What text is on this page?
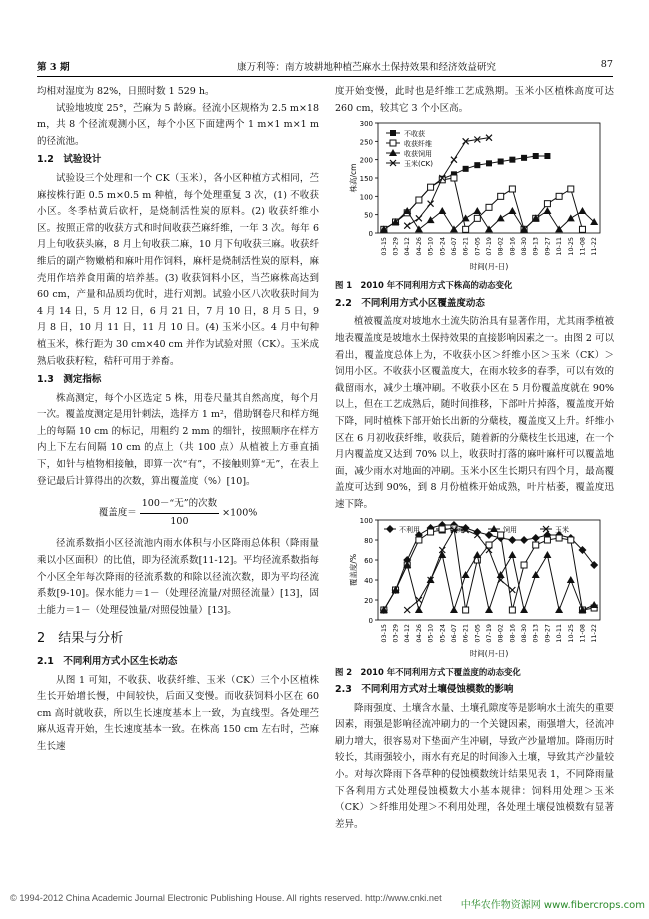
第 3 期	康万利等：南方坡耕地种植苎麻水土保持效果和经济效益研究	87

均相对湿度为 82%，日照时数 1 529 h。

试验地坡度 25°，苎麻为 5 龄麻。径流小区规格为 2.5 m×18 m，共 8 个径流观测小区，每个小区下面建两个 1 m×1 m×1 m 的径流池。

1.2　试验设计

试验设三个处理和一个 CK（玉米），各小区种植方式相同，苎麻按株行距 0.5 m×0.5 m 种植，每个处理重复 3 次，(1) 不收获小区。冬季枯黄后砍杆，是烧制活性炭的原料。(2) 收获纤维小区。按照正常的收获方式和时间收获苎麻纤维，一年 3 次。每年 6 月上旬收获头麻，8 月上旬收获二麻，10 月下旬收获三麻。收获纤维后的副产物嫩梢和麻叶用作饲料，麻杆是烧制活性炭的原料，麻壳用作培养食用菌的培养基。(3) 收获饲料小区，当苎麻株高达到 60 cm，产量和品质均优时，进行刈割。试验小区八次收获时间为 4 月 14 日，5 月 12 日，6 月 21 日，7 月 10 日，8 月 5 日，9 月 8 日，10 月 11 日，11 月 10 日。(4) 玉米小区。4 月中旬种植玉米，株行距为 30 cm×40 cm 并作为试验对照（CK）。玉米成熟后收获籽粒，秸秆可用于养畜。

1.3　测定指标

株高测定，每个小区选定 5 株，用卷尺量其自然高度，每个月一次。覆盖度测定是用针刺法，选择方 1 m²，借助钢卷尺和样方绳上的每隔 10 cm 的标记，用粗约 2 mm 的细针，按照顺序在样方内上下左右间隔 10 cm 的点上（共 100 点）从植被上方垂直插下，如针与植物相接触，即算一次“有”，不接触则算“无”，在表上登记最后计算得出的次数，算出覆盖度（%）[10]。

覆盖度＝ $\frac{\text{100－“无”的次数}}{100} \times 100\%$

径流系数指小区径流池内雨水体积与小区降雨总体积（降雨量乘以小区面积）的比值，即为径流系数[11-12]。平均径流系数指每个小区全年每次降雨的径流系数的和除以径流次数，即为平均径流系数[9-10]。保水能力＝1－（处理径流量/对照径流量）[13]，固土能力＝1－（处理侵蚀量/对照侵蚀量）[13]。

2　结果与分析

2.1　不同利用方式小区生长动态

从图 1 可知，不收获、收获纤维、玉米（CK）三个小区植株生长开始增长慢，中间较快，后面又变慢。而收获饲料小区在 60 cm 高时就收获，所以生长速度基本上一致，为直线型。各处理苎麻从返青开始，生长速度基本一致。在株高 150 cm 左右时，苎麻生长速

度开始变慢，此时也是纤维工艺成熟期。玉米小区植株高度可达 260 cm，较其它 3 个小区高。

0
50
100
150
200
250
300
03-15 03-29 04-12 04-26 05-10 05-24 06-07 06-21 07-05 07-19 08-02 08-16 08-30 09-13 09-27 10-11 10-25 11-08 11-22
时间(月-日)
株高/cm
不收获
收获纤维
收获饲用
玉米(CK)

图 1　2010 年不同利用方式下株高的动态变化

2.2　不同利用方式小区覆盖度动态

植被覆盖度对坡地水土流失防治具有显著作用，尤其雨季植被地表覆盖度是坡地水土保持效果的直接影响因素之一。由图 2 可以看出，覆盖度总体上为，不收获小区＞纤维小区＞玉米（CK）＞饲用小区。不收获小区覆盖度大，在雨水较多的春季，可以有效的截留雨水，减少土壤冲刷。不收获小区在 5 月份覆盖度就在 90% 以上，但在工艺成熟后，随时间推移，下部叶片掉落，覆盖度开始下降，同时植株下部开始长出新的分蘖枝，覆盖度又上升。纤维小区在 6 月初收获纤维，收获后，随着新的分蘖枝生长迅速，在一个月内覆盖度又达到 70% 以上，收获时打落的麻叶麻杆可以覆盖地面，减少雨水对地面的冲刷。玉米小区生长期只有四个月，最高覆盖度可达到 90%，到 8 月份植株开始成熟，叶片枯萎，覆盖度迅速下降。

0
20
40
60
80
100
03-15 03-29 04-12 04-26 05-10 05-24 06-07 06-21 07-05 07-19 08-02 08-16 08-30 09-13 09-27 10-11 10-25 11-08 11-22
时间(月-日)
覆盖度/%
不利用	纤维	饲用	玉米

图 2　2010 年不同利用方式下覆盖度的动态变化

2.3　不同利用方式对土壤侵蚀模数的影响

降雨强度、土壤含水量、土壤孔隙度等是影响水土流失的重要因素，雨强是影响径流冲刷力的一个关键因素，雨强增大，径流冲刷力增大，很容易对下垫面产生冲刷，导致产沙量增加。降雨历时较长，其雨强较小，雨水有充足的时间渗入土壤，导致其产沙量较小。对每次降雨下各草种的侵蚀模数统计结果见表 1，不同降雨量下各利用方式处理侵蚀模数大小基本规律：饲料用处理＞玉米（CK）＞纤维用处理＞不利用处理，各处理土壤侵蚀模数有显著差异。

© 1994-2012 China Academic Journal Electronic Publishing House. All rights reserved. http://www.cnki.net
中华农作物资源网 www.fibercrops.com
